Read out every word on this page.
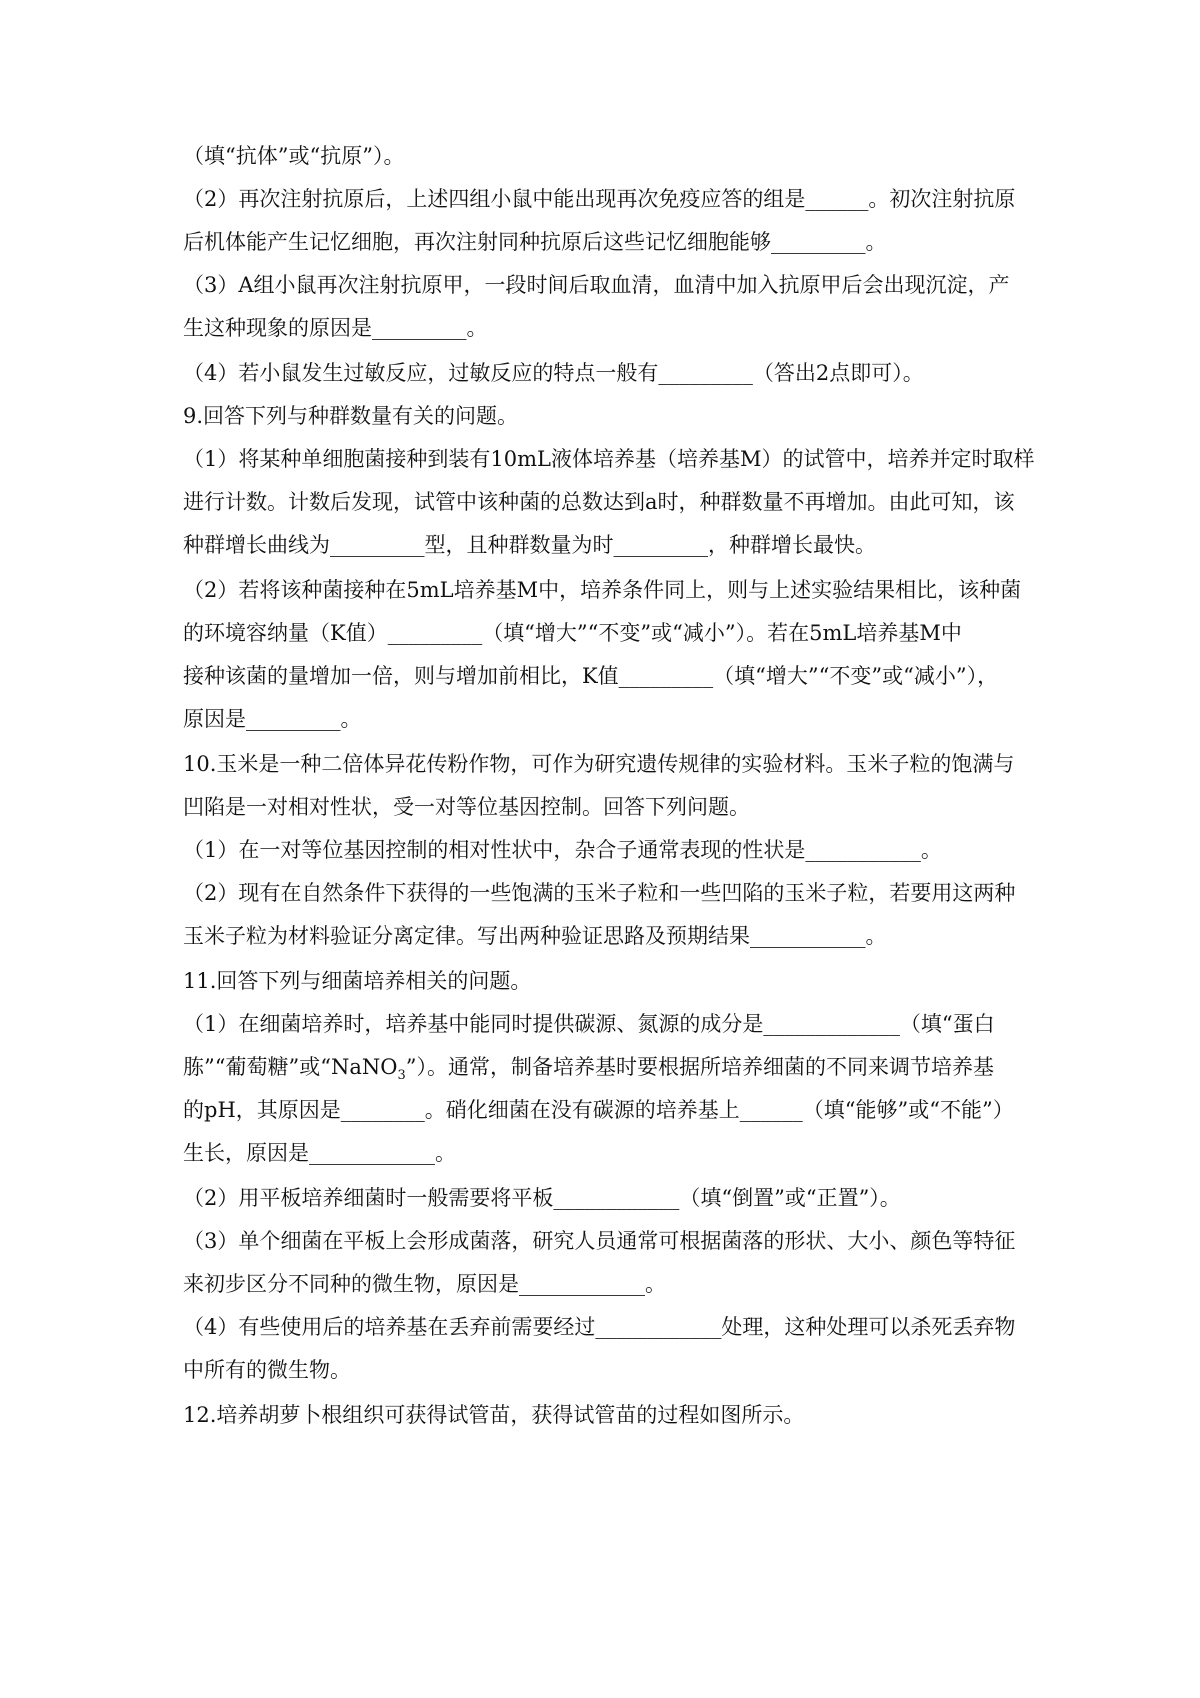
（填“抗体”或“抗原”）。
（2）再次注射抗原后，上述四组小鼠中能出现再次免疫应答的组是______。初次注射抗原
后机体能产生记忆细胞，再次注射同种抗原后这些记忆细胞能够_________。
（3）A组小鼠再次注射抗原甲，一段时间后取血清，血清中加入抗原甲后会出现沉淀，产
生这种现象的原因是_________。
（4）若小鼠发生过敏反应，过敏反应的特点一般有_________（答出2点即可）。
9.回答下列与种群数量有关的问题。
（1）将某种单细胞菌接种到装有10mL液体培养基（培养基M）的试管中，培养并定时取样
进行计数。计数后发现，试管中该种菌的总数达到a时，种群数量不再增加。由此可知，该
种群增长曲线为_________型，且种群数量为时_________，种群增长最快。
（2）若将该种菌接种在5mL培养基M中，培养条件同上，则与上述实验结果相比，该种菌
的环境容纳量（K值）_________（填“增大”“不变”或“减小”）。若在5mL培养基M中
接种该菌的量增加一倍，则与增加前相比，K值_________（填“增大”“不变”或“减小”），
原因是_________。
10.玉米是一种二倍体异花传粉作物，可作为研究遗传规律的实验材料。玉米子粒的饱满与
凹陷是一对相对性状，受一对等位基因控制。回答下列问题。
（1）在一对等位基因控制的相对性状中，杂合子通常表现的性状是___________。
（2）现有在自然条件下获得的一些饱满的玉米子粒和一些凹陷的玉米子粒，若要用这两种
玉米子粒为材料验证分离定律。写出两种验证思路及预期结果___________。
11.回答下列与细菌培养相关的问题。
（1）在细菌培养时，培养基中能同时提供碳源、氮源的成分是_____________（填“蛋白
胨”“葡萄糖”或“NaNO$_3$”）。通常，制备培养基时要根据所培养细菌的不同来调节培养基
的pH，其原因是________。硝化细菌在没有碳源的培养基上______（填“能够”或“不能”）
生长，原因是____________。
（2）用平板培养细菌时一般需要将平板____________（填“倒置”或“正置”）。
（3）单个细菌在平板上会形成菌落，研究人员通常可根据菌落的形状、大小、颜色等特征
来初步区分不同种的微生物，原因是____________。
（4）有些使用后的培养基在丢弃前需要经过____________处理，这种处理可以杀死丢弃物
中所有的微生物。
12.培养胡萝卜根组织可获得试管苗，获得试管苗的过程如图所示。
